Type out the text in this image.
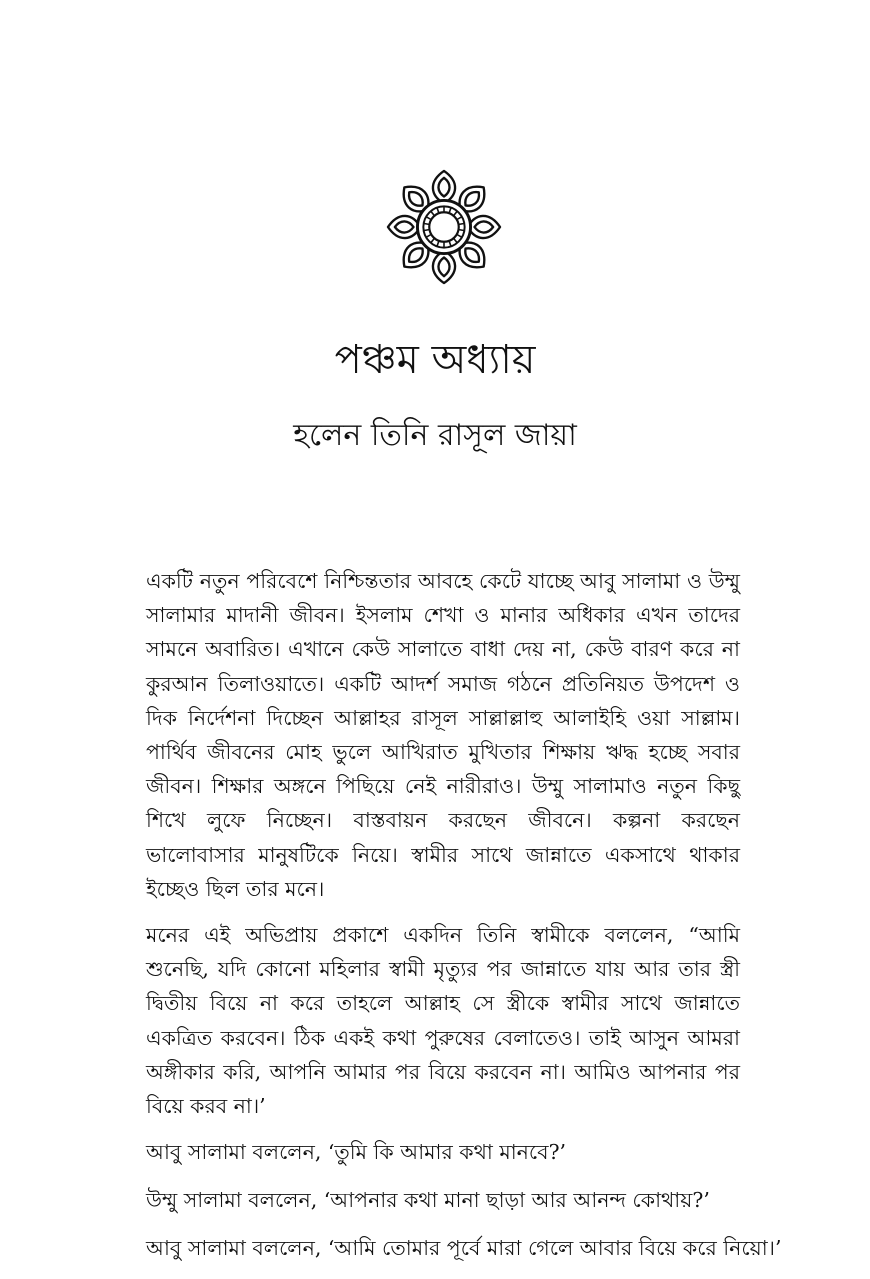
পঞ্চম অধ্যায়
হলেন তিনি রাসূল জায়া

একটি নতুন পরিবেশে নিশ্চিন্ততার আবহে কেটে যাচ্ছে আবু সালামা ও উম্মু সালামার মাদানী জীবন। ইসলাম শেখা ও মানার অধিকার এখন তাদের সামনে অবারিত। এখানে কেউ সালাতে বাধা দেয় না, কেউ বারণ করে না কুরআন তিলাওয়াতে। একটি আদর্শ সমাজ গঠনে প্রতিনিয়ত উপদেশ ও দিক নির্দেশনা দিচ্ছেন আল্লাহর রাসূল সাল্লাল্লাহু আলাইহি ওয়া সাল্লাম। পার্থিব জীবনের মোহ ভুলে আখিরাত মুখিতার শিক্ষায় ঋদ্ধ হচ্ছে সবার জীবন। শিক্ষার অঙ্গনে পিছিয়ে নেই নারীরাও। উম্মু সালামাও নতুন কিছু শিখে লুফে নিচ্ছেন। বাস্তবায়ন করছেন জীবনে। কল্পনা করছেন ভালোবাসার মানুষটিকে নিয়ে। স্বামীর সাথে জান্নাতে একসাথে থাকার ইচ্ছেও ছিল তার মনে।

মনের এই অভিপ্রায় প্রকাশে একদিন তিনি স্বামীকে বললেন, “আমি শুনেছি, যদি কোনো মহিলার স্বামী মৃত্যুর পর জান্নাতে যায় আর তার স্ত্রী দ্বিতীয় বিয়ে না করে তাহলে আল্লাহ সে স্ত্রীকে স্বামীর সাথে জান্নাতে একত্রিত করবেন। ঠিক একই কথা পুরুষের বেলাতেও। তাই আসুন আমরা অঙ্গীকার করি, আপনি আমার পর বিয়ে করবেন না। আমিও আপনার পর বিয়ে করব না।’

আবু সালামা বললেন, ‘তুমি কি আমার কথা মানবে?’

উম্মু সালামা বললেন, ‘আপনার কথা মানা ছাড়া আর আনন্দ কোথায়?’

আবু সালামা বললেন, ‘আমি তোমার পূর্বে মারা গেলে আবার বিয়ে করে নিয়ো।’
